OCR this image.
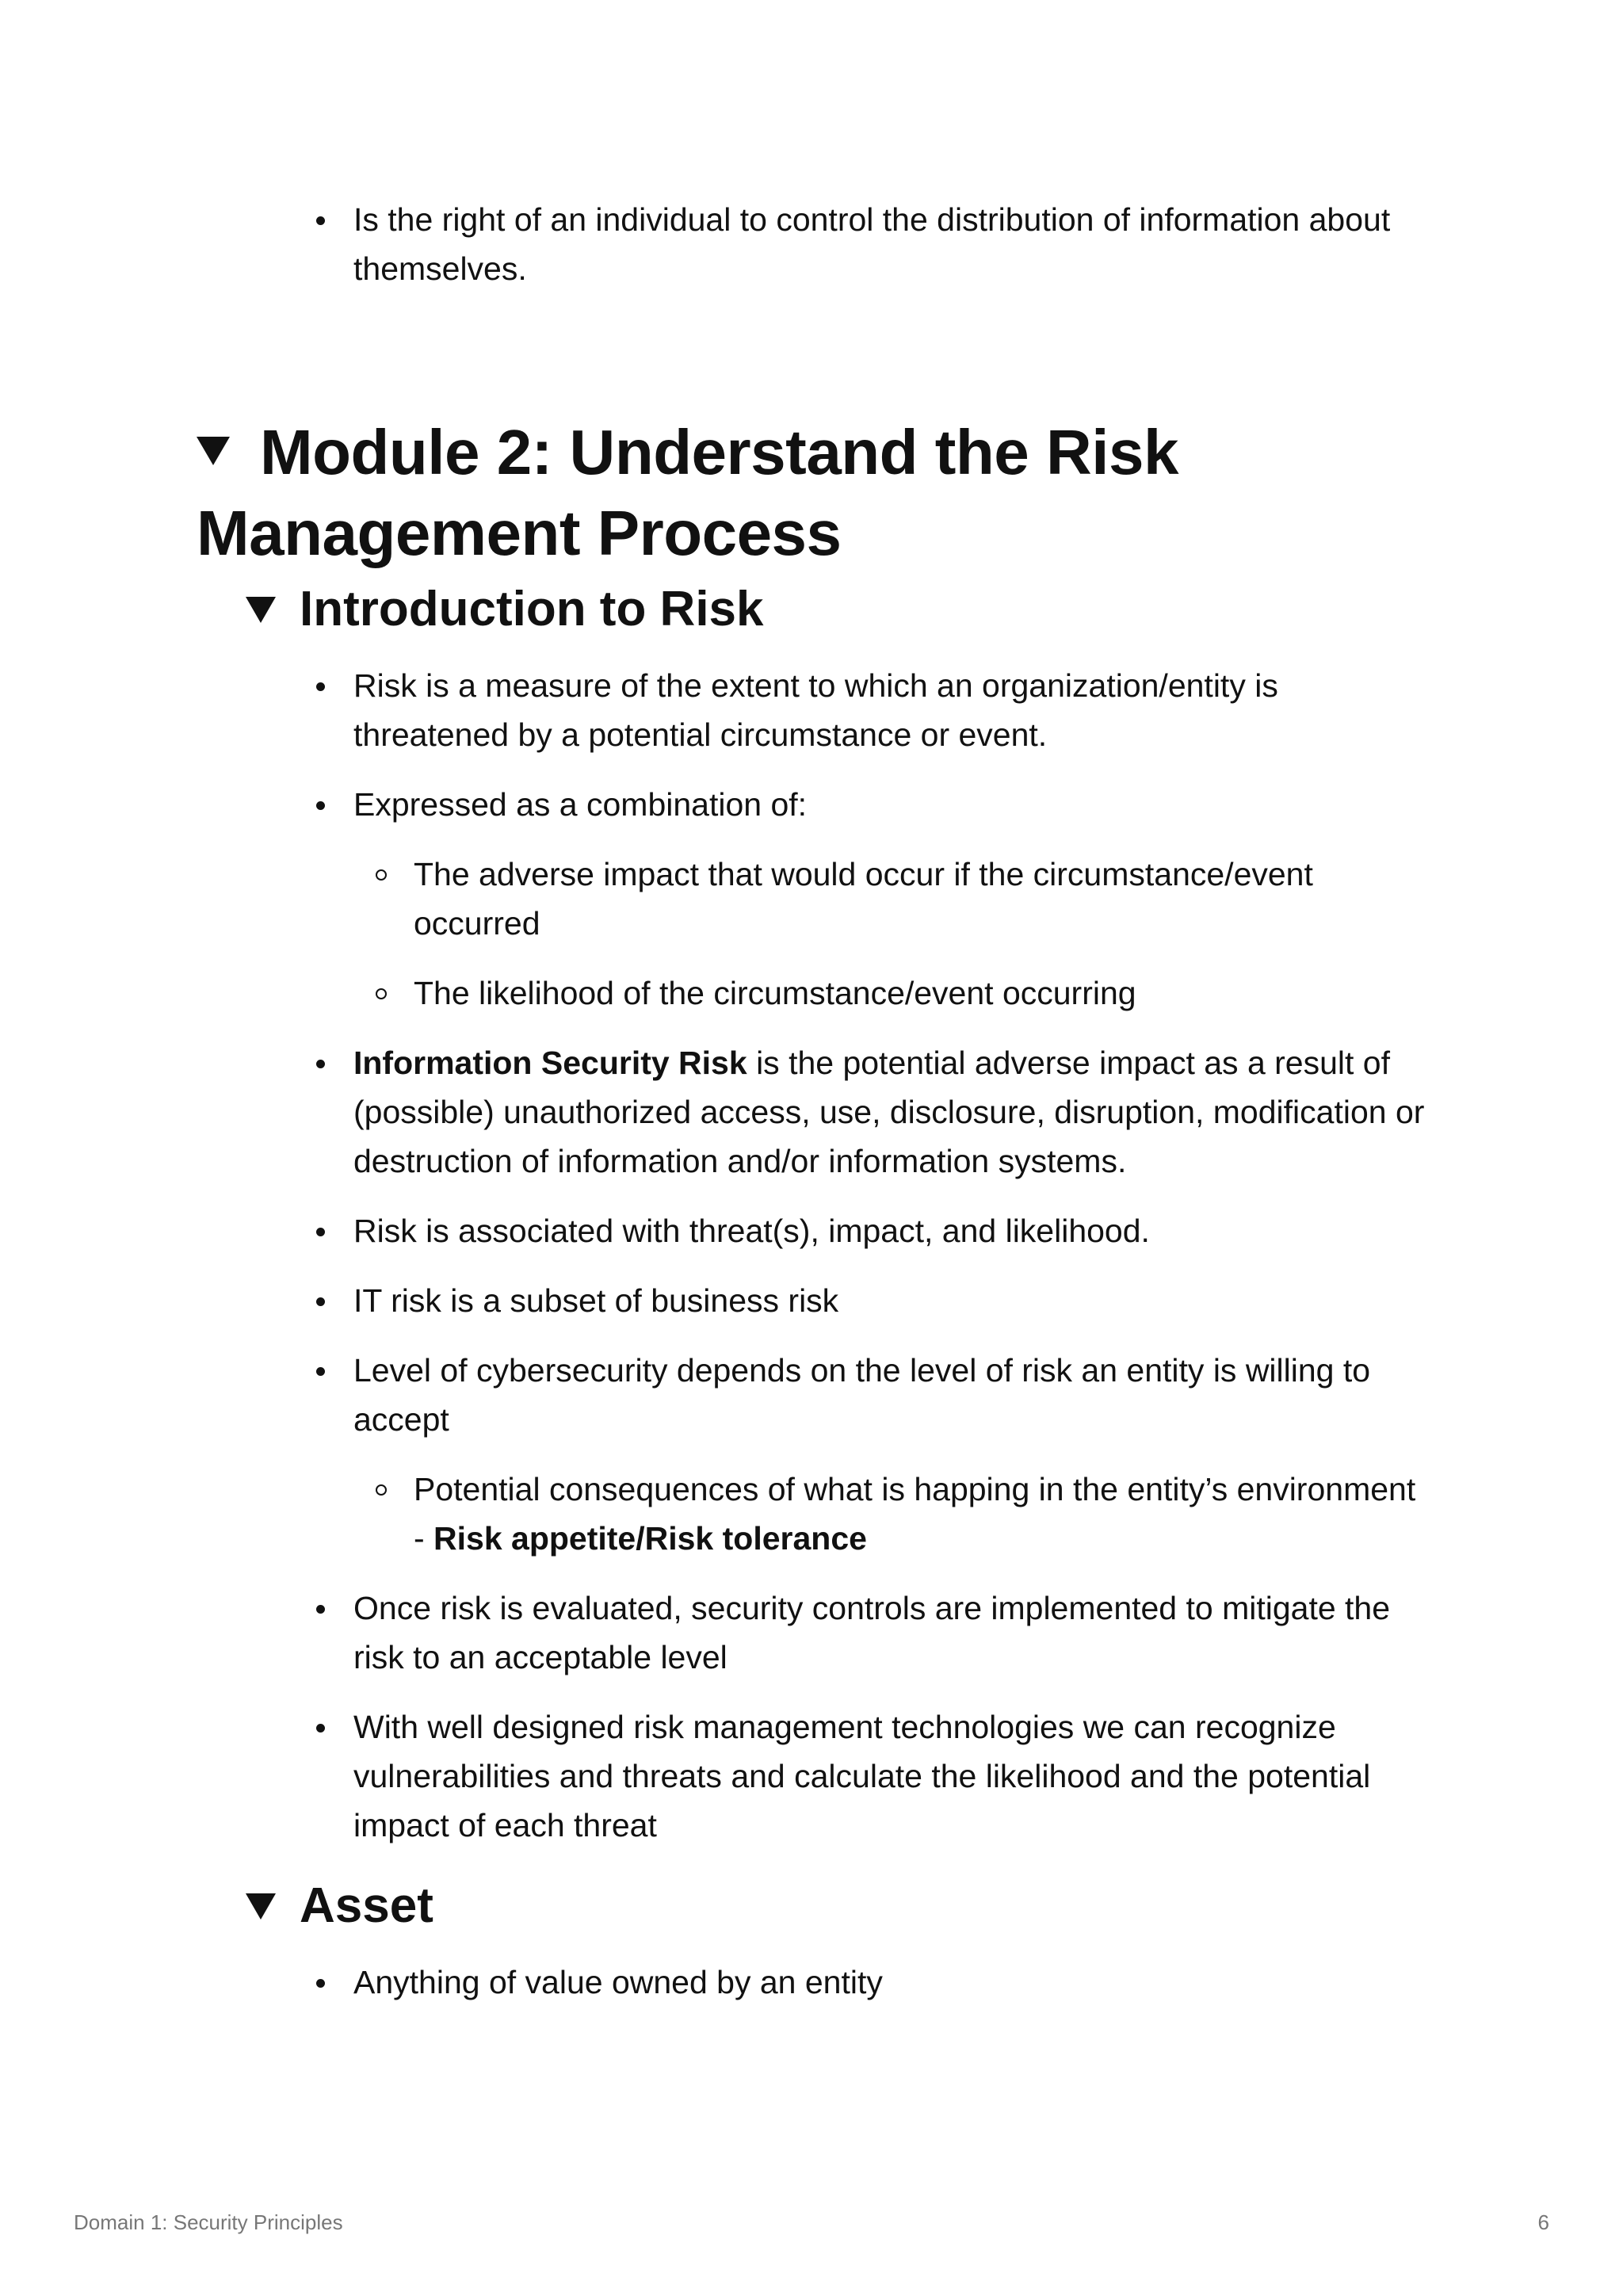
Is the right of an individual to control the distribution of information about themselves.
Module 2: Understand the Risk Management Process
Introduction to Risk
Risk is a measure of the extent to which an organization/entity is threatened by a potential circumstance or event.
Expressed as a combination of:
The adverse impact that would occur if the circumstance/event occurred
The likelihood of the circumstance/event occurring
Information Security Risk is the potential adverse impact as a result of (possible) unauthorized access, use, disclosure, disruption, modification or destruction of information and/or information systems.
Risk is associated with threat(s), impact, and likelihood.
IT risk is a subset of business risk
Level of cybersecurity depends on the level of risk an entity is willing to accept
Potential consequences of what is happing in the entity’s environment - Risk appetite/Risk tolerance
Once risk is evaluated, security controls are implemented to mitigate the risk to an acceptable level
With well designed risk management technologies we can recognize vulnerabilities and threats and calculate the likelihood and the potential impact of each threat
Asset
Anything of value owned by an entity
Domain 1: Security Principles	6
